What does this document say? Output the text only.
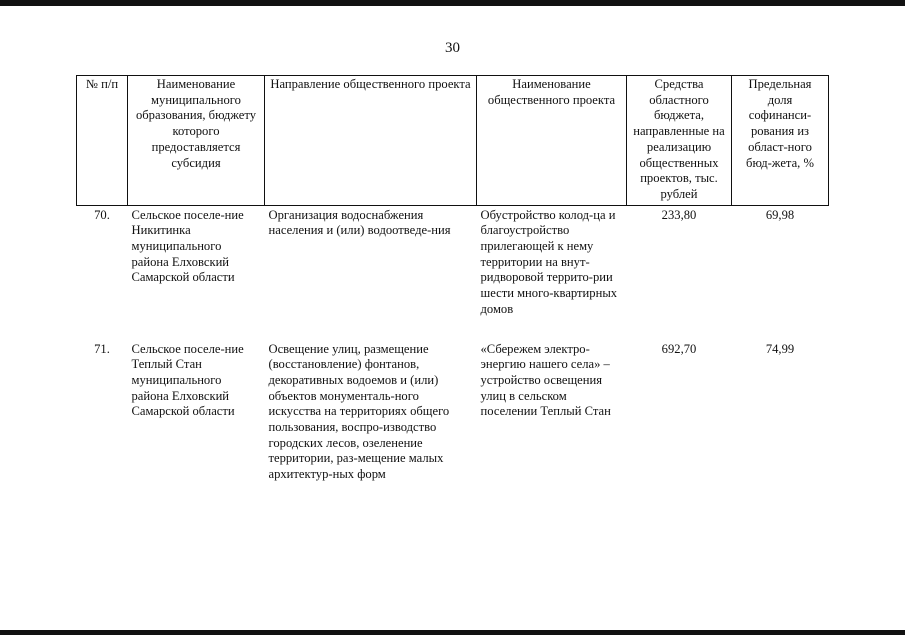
30
№ п/п	Наименование муниципального образования, бюджету которого предоставляется субсидия	Направление общественного проекта	Наименование общественного проекта	Средства областного бюджета, направленные на реализацию общественных проектов, тыс. рублей	Предельная доля софинанси-рования из област-ного бюд-жета, %
70.	Сельское поселе-ние Никитинка муниципального района Елховский Самарской области	Организация водоснабжения населения и (или) водоотведе-ния	Обустройство колод-ца и благоустройство прилегающей к нему территории на внут-ридворовой террито-рии шести много-квартирных домов	233,80	69,98

71.	Сельское поселе-ние Теплый Стан муниципального района Елховский Самарской области	Освещение улиц, размещение (восстановление) фонтанов, декоративных водоемов и (или) объектов монументаль-ного искусства на территориях общего пользования, воспро-изводство городских лесов, озеленение территории, раз-мещение малых архитектур-ных форм	«Сбережем электро-энергию нашего села» – устройство освещения улиц в сельском поселении Теплый Стан	692,70	74,99
